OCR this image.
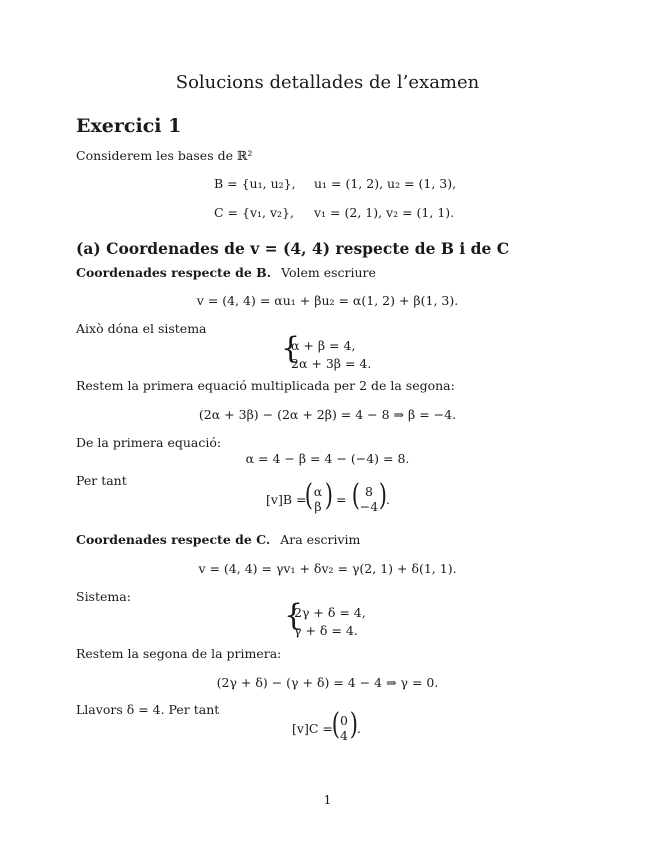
Solucions detallades de l’examen
Exercici 1
Considerem les bases de ℝ²
B = {u₁, u₂}, u₁ = (1, 2), u₂ = (1, 3),
C = {v₁, v₂}, v₁ = (2, 1), v₂ = (1, 1).
(a) Coordenades de v = (4, 4) respecte de B i de C
Coordenades respecte de B. Volem escriure
v = (4, 4) = αu₁ + βu₂ = α(1, 2) + β(1, 3).
Això dóna el sistema
{
α + β = 4,
2α + 3β = 4.
Restem la primera equació multiplicada per 2 de la segona:
(2α + 3β) − (2α + 2β) = 4 − 8 ⇒ β = −4.
De la primera equació:
α = 4 − β = 4 − (−4) = 8.
Per tant
[v]B =
( α
β ) = ( 8
−4 ) .
Coordenades respecte de C. Ara escrivim
v = (4, 4) = γv₁ + δv₂ = γ(2, 1) + δ(1, 1).
Sistema:
{
2γ + δ = 4,
γ + δ = 4.
Restem la segona de la primera:
(2γ + δ) − (γ + δ) = 4 − 4 ⇒ γ = 0.
Llavors δ = 4. Per tant
[v]C =
( 0
4 ) .
1
